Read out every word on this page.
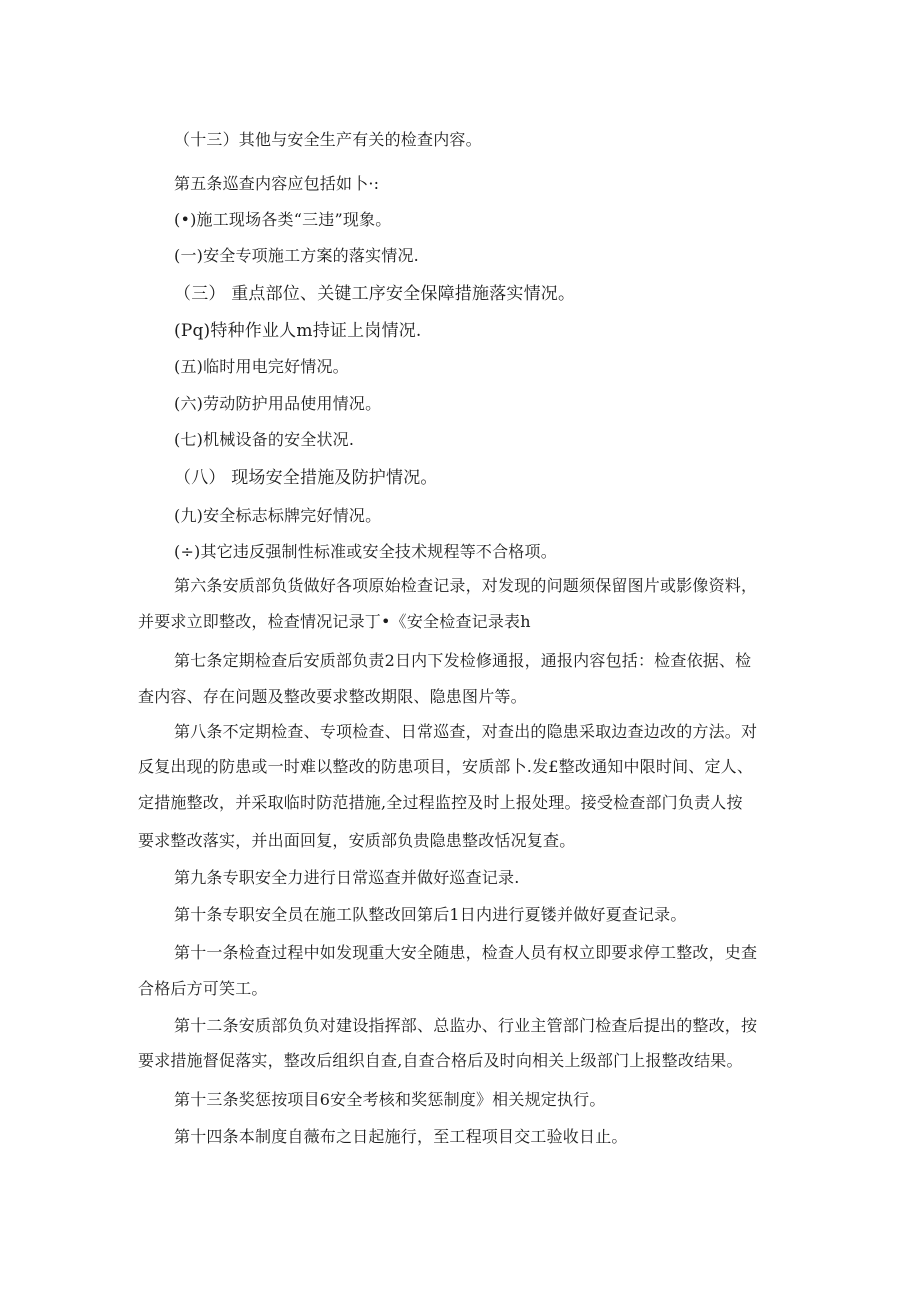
（十三）其他与安全生产有关的检查内容。

第五条巡查内容应包括如卜·:

(•)施工现场各类“三违”现象。

(一)安全专项施工方案的落实情况.

（三） 重点部位、关键工序安全保障措施落实情况。

(Pq)特种作业人m持证上岗情况.

(五)临时用电完好情况。

(六)劳动防护用品使用情况。

(七)机械设备的安全状况.

（八） 现场安全措施及防护情况。

(九)安全标志标牌完好情况。

(÷)其它违反强制性标准或安全技术规程等不合格项。

第六条安质部负货做好各项原始检查记录，对发现的问题须保留图片或影像资料，

并要求立即整改，检查情况记录丁•《安全检查记录表h

第七条定期检查后安质部负责2日内下发检修通报，通报内容包括：检查依据、检

查内容、存在问题及整改要求整改期限、隐患图片等。

第八条不定期检查、专项检查、日常巡查，对查出的隐患采取边查边改的方法。对

反复出现的防患或一时难以整改的防患项目，安质部卜.发£整改通知中限时间、定人、

定措施整改，并采取临时防范措施,全过程监控及时上报处理。接受检查部门负责人按

要求整改落实，并出面回复，安质部负贵隐患整改恬况复查。

第九条专职安全力进行日常巡查并做好巡查记录.

第十条专职安全员在施工队整改回第后1日内进行夏镂并做好夏查记录。

第十一条检查过程中如发现重大安全随患，检查人员有权立即要求停工整改，史查

合格后方可笑工。

第十二条安质部负负对建设指挥部、总监办、行业主管部门检查后提出的整改，按

要求措施督促落实，整改后组织自查,自查合格后及时向相关上级部门上报整改结果。

第十三条奖惩按项目6安全考核和奖惩制度》相关规定执行。

第十四条本制度自薇布之日起施行，至工程项目交工验收日止。
